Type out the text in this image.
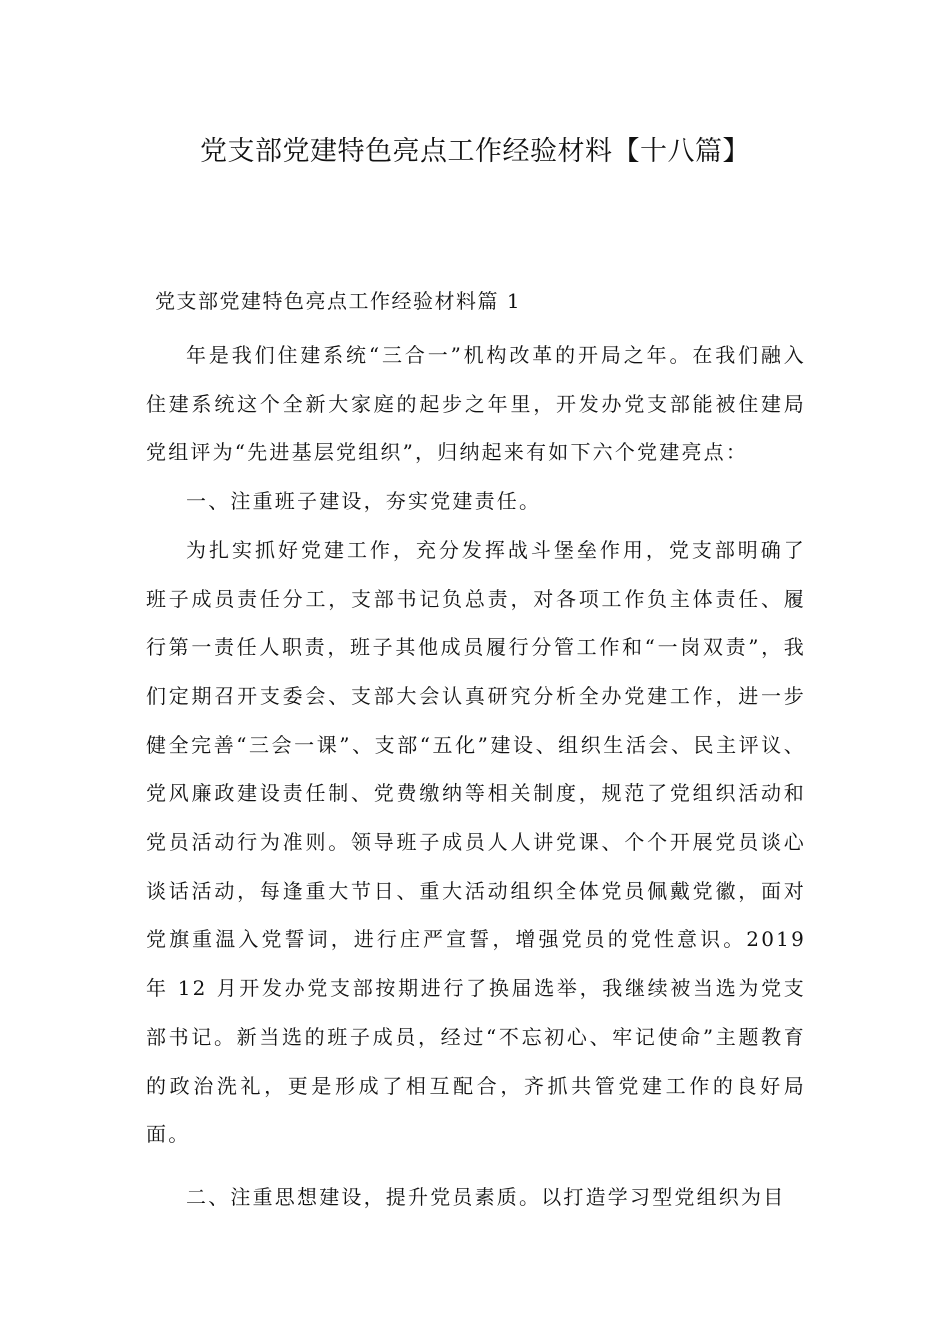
党支部党建特色亮点工作经验材料【十八篇】
党支部党建特色亮点工作经验材料篇 1

年是我们住建系统“三合一”机构改革的开局之年。在我们融入住建系统这个全新大家庭的起步之年里，开发办党支部能被住建局党组评为“先进基层党组织”，归纳起来有如下六个党建亮点：

一、注重班子建设，夯实党建责任。

为扎实抓好党建工作，充分发挥战斗堡垒作用，党支部明确了班子成员责任分工，支部书记负总责，对各项工作负主体责任、履行第一责任人职责，班子其他成员履行分管工作和“一岗双责”，我们定期召开支委会、支部大会认真研究分析全办党建工作，进一步健全完善“三会一课”、支部“五化”建设、组织生活会、民主评议、党风廉政建设责任制、党费缴纳等相关制度，规范了党组织活动和党员活动行为准则。领导班子成员人人讲党课、个个开展党员谈心谈话活动，每逢重大节日、重大活动组织全体党员佩戴党徽，面对党旗重温入党誓词，进行庄严宣誓，增强党员的党性意识。2019 年 12 月开发办党支部按期进行了换届选举，我继续被当选为党支部书记。新当选的班子成员，经过“不忘初心、牢记使命”主题教育的政治洗礼，更是形成了相互配合，齐抓共管党建工作的良好局面。

二、注重思想建设，提升党员素质。以打造学习型党组织为目
